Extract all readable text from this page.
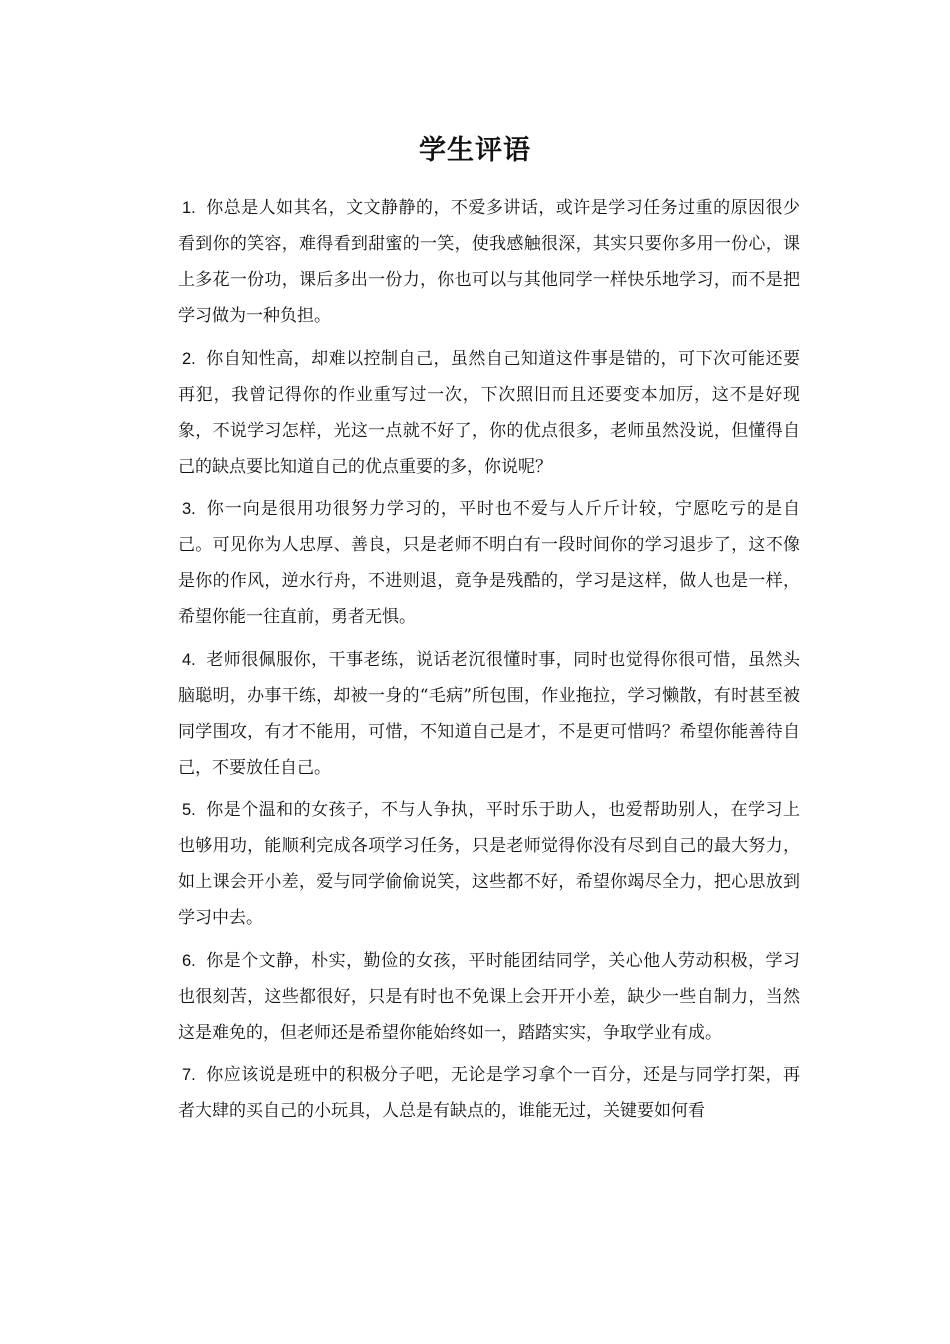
学生评语

1. 你总是人如其名，文文静静的，不爱多讲话，或许是学习任务过重的原因很少看到你的笑容，难得看到甜蜜的一笑，使我感触很深，其实只要你多用一份心，课上多花一份功，课后多出一份力，你也可以与其他同学一样快乐地学习，而不是把学习做为一种负担。

2. 你自知性高，却难以控制自己，虽然自己知道这件事是错的，可下次可能还要再犯，我曾记得你的作业重写过一次，下次照旧而且还要变本加厉，这不是好现象，不说学习怎样，光这一点就不好了，你的优点很多，老师虽然没说，但懂得自己的缺点要比知道自己的优点重要的多，你说呢？

3. 你一向是很用功很努力学习的，平时也不爱与人斤斤计较，宁愿吃亏的是自己。可见你为人忠厚、善良，只是老师不明白有一段时间你的学习退步了，这不像是你的作风，逆水行舟，不进则退，竟争是残酷的，学习是这样，做人也是一样，希望你能一往直前，勇者无惧。

4. 老师很佩服你，干事老练，说话老沉很懂时事，同时也觉得你很可惜，虽然头脑聪明，办事干练，却被一身的“毛病”所包围，作业拖拉，学习懒散，有时甚至被同学围攻，有才不能用，可惜，不知道自己是才，不是更可惜吗？希望你能善待自己，不要放任自己。

5. 你是个温和的女孩子，不与人争执，平时乐于助人，也爱帮助别人，在学习上也够用功，能顺利完成各项学习任务，只是老师觉得你没有尽到自己的最大努力，如上课会开小差，爱与同学偷偷说笑，这些都不好，希望你竭尽全力，把心思放到学习中去。

6. 你是个文静，朴实，勤俭的女孩，平时能团结同学，关心他人劳动积极，学习也很刻苦，这些都很好，只是有时也不免课上会开开小差，缺少一些自制力，当然这是难免的，但老师还是希望你能始终如一，踏踏实实，争取学业有成。

7. 你应该说是班中的积极分子吧，无论是学习拿个一百分，还是与同学打架，再者大肆的买自己的小玩具，人总是有缺点的，谁能无过，关键要如何看
